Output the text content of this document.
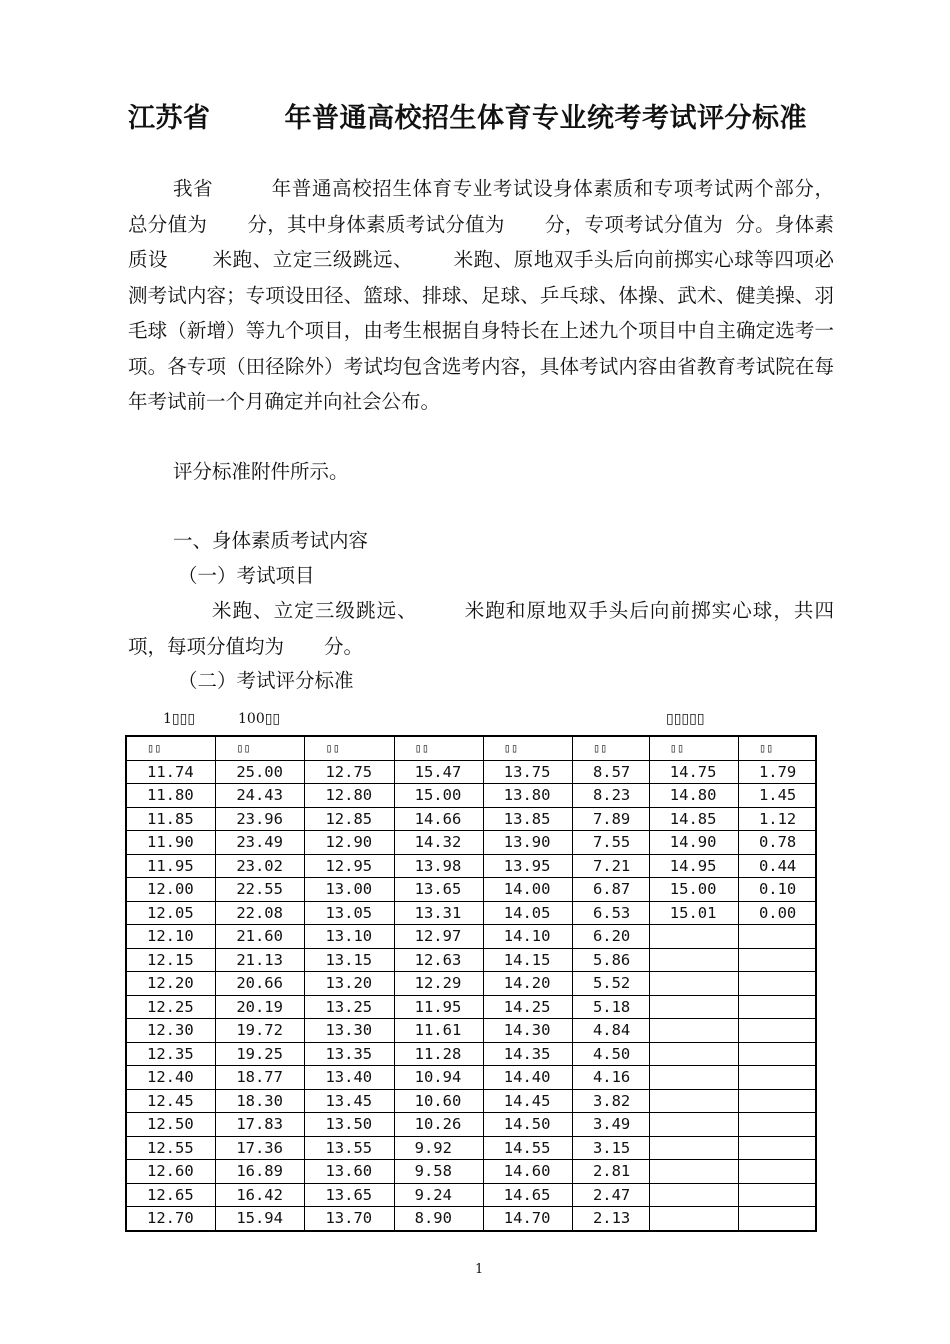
江苏省	年普通高校招生体育专业统考考试评分标准
我省	年普通高校招生体育专业考试设身体素质和专项考试两个部分，总分值为 分，其中身体素质考试分值为 分，专项考试分值为 分。身体素质设 米跑、立定三级跳远、 米跑、原地双手头后向前掷实心球等四项必测考试内容；专项设田径、篮球、排球、足球、乒乓球、体操、武术、健美操、羽毛球（新增）等九个项目，由考生根据自身特长在上述九个项目中自主确定选考一项。各专项（田径除外）考试均包含选考内容，具体考试内容由省教育考试院在每年考试前一个月确定并向社会公布。
评分标准附件所示。
一、身体素质考试内容
（一）考试项目
米跑、立定三级跳远、 米跑和原地双手头后向前掷实心球，共四项，每项分值均为 分。
（二）考试评分标准
1▯▯▯	100▯▯	▯▯▯▯▯
▯▯	▯▯	▯▯	▯▯	▯▯	▯▯	▯▯	▯▯
11.74	25.00	12.75	15.47	13.75	8.57	14.75	1.79
11.80	24.43	12.80	15.00	13.80	8.23	14.80	1.45
11.85	23.96	12.85	14.66	13.85	7.89	14.85	1.12
11.90	23.49	12.90	14.32	13.90	7.55	14.90	0.78
11.95	23.02	12.95	13.98	13.95	7.21	14.95	0.44
12.00	22.55	13.00	13.65	14.00	6.87	15.00	0.10
12.05	22.08	13.05	13.31	14.05	6.53	15.01	0.00
12.10	21.60	13.10	12.97	14.10	6.20		
12.15	21.13	13.15	12.63	14.15	5.86		
12.20	20.66	13.20	12.29	14.20	5.52		
12.25	20.19	13.25	11.95	14.25	5.18		
12.30	19.72	13.30	11.61	14.30	4.84		
12.35	19.25	13.35	11.28	14.35	4.50		
12.40	18.77	13.40	10.94	14.40	4.16		
12.45	18.30	13.45	10.60	14.45	3.82		
12.50	17.83	13.50	10.26	14.50	3.49		
12.55	17.36	13.55	9.92	14.55	3.15		
12.60	16.89	13.60	9.58	14.60	2.81		
12.65	16.42	13.65	9.24	14.65	2.47		
12.70	15.94	13.70	8.90	14.70	2.13		
1
